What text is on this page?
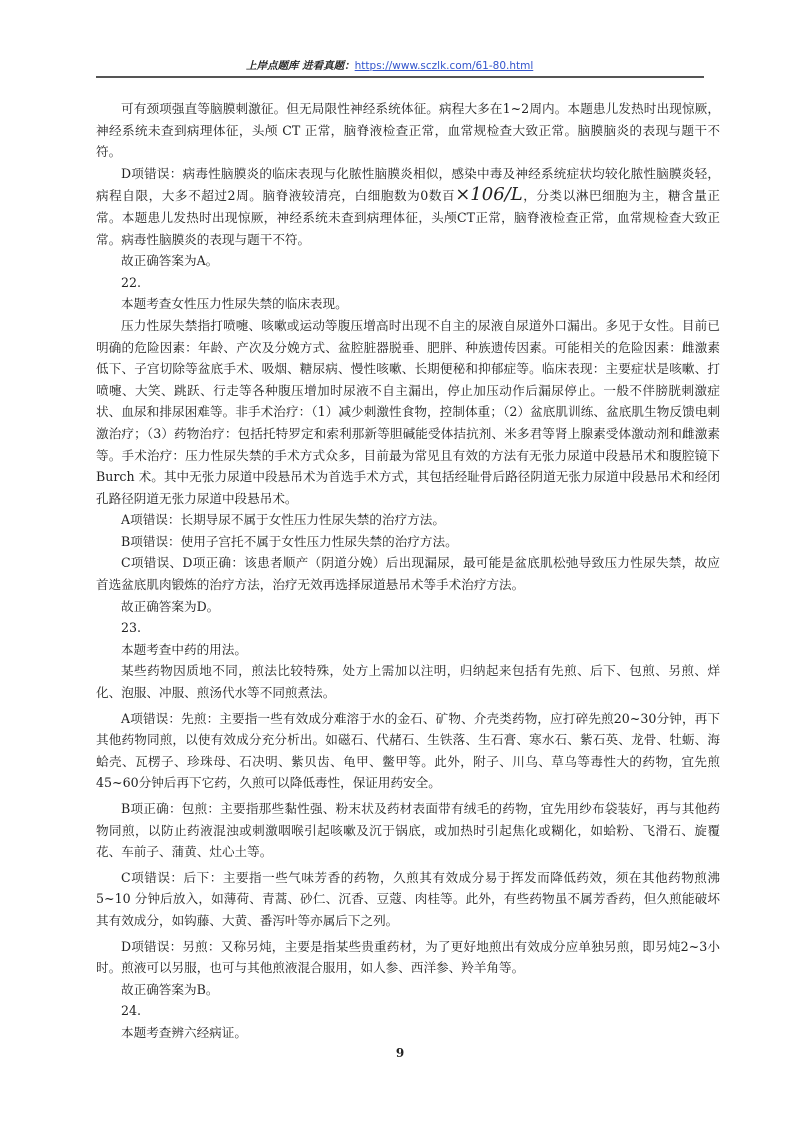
上岸点题库 进看真题：https://www.sczlk.com/61-80.html

可有颈项强直等脑膜刺激征。但无局限性神经系统体征。病程大多在1~2周内。本题患儿发热时出现惊厥，神经系统未查到病理体征，头颅 CT 正常，脑脊液检查正常，血常规检查大致正常。脑膜脑炎的表现与题干不符。

D项错误：病毒性脑膜炎的临床表现与化脓性脑膜炎相似，感染中毒及神经系统症状均较化脓性脑膜炎轻，病程自限，大多不超过2周。脑脊液较清亮，白细胞数为0数百×106/L，分类以淋巴细胞为主，糖含量正常。本题患儿发热时出现惊厥，神经系统未查到病理体征，头颅CT正常，脑脊液检查正常，血常规检查大致正常。病毒性脑膜炎的表现与题干不符。

故正确答案为A。

22.

本题考查女性压力性尿失禁的临床表现。

压力性尿失禁指打喷嚏、咳嗽或运动等腹压增高时出现不自主的尿液自尿道外口漏出。多见于女性。目前已明确的危险因素：年龄、产次及分娩方式、盆腔脏器脱垂、肥胖、种族遗传因素。可能相关的危险因素：雌激素低下、子宫切除等盆底手术、吸烟、糖尿病、慢性咳嗽、长期便秘和抑郁症等。临床表现：主要症状是咳嗽、打喷嚏、大笑、跳跃、行走等各种腹压增加时尿液不自主漏出，停止加压动作后漏尿停止。一般不伴膀胱刺激症状、血尿和排尿困难等。非手术治疗：（1）减少刺激性食物，控制体重；（2）盆底肌训练、盆底肌生物反馈电刺激治疗；（3）药物治疗：包括托特罗定和索利那新等胆碱能受体拮抗剂、米多君等肾上腺素受体激动剂和雌激素等。手术治疗：压力性尿失禁的手术方式众多，目前最为常见且有效的方法有无张力尿道中段悬吊术和腹腔镜下 Burch 术。其中无张力尿道中段悬吊术为首选手术方式，其包括经耻骨后路径阴道无张力尿道中段悬吊术和经闭孔路径阴道无张力尿道中段悬吊术。

A项错误：长期导尿不属于女性压力性尿失禁的治疗方法。

B项错误：使用子宫托不属于女性压力性尿失禁的治疗方法。

C项错误、D项正确：该患者顺产（阴道分娩）后出现漏尿，最可能是盆底肌松弛导致压力性尿失禁，故应首选盆底肌肉锻炼的治疗方法，治疗无效再选择尿道悬吊术等手术治疗方法。

故正确答案为D。

23.

本题考查中药的用法。

某些药物因质地不同，煎法比较特殊，处方上需加以注明，归纳起来包括有先煎、后下、包煎、另煎、烊化、泡服、冲服、煎汤代水等不同煎煮法。

A项错误：先煎：主要指一些有效成分难溶于水的金石、矿物、介壳类药物，应打碎先煎20~30分钟，再下其他药物同煎，以使有效成分充分析出。如磁石、代赭石、生铁落、生石膏、寒水石、紫石英、龙骨、牡蛎、海蛤壳、瓦楞子、珍珠母、石决明、紫贝齿、龟甲、鳖甲等。此外，附子、川乌、草乌等毒性大的药物，宜先煎45~60分钟后再下它药，久煎可以降低毒性，保证用药安全。

B项正确：包煎：主要指那些黏性强、粉末状及药材表面带有绒毛的药物，宜先用纱布袋装好，再与其他药物同煎，以防止药液混浊或刺激咽喉引起咳嗽及沉于锅底，或加热时引起焦化或糊化，如蛤粉、飞滑石、旋覆花、车前子、蒲黄、灶心土等。

C项错误：后下：主要指一些气味芳香的药物，久煎其有效成分易于挥发而降低药效，须在其他药物煎沸 5~10 分钟后放入，如薄荷、青蒿、砂仁、沉香、豆蔻、肉桂等。此外，有些药物虽不属芳香药，但久煎能破坏其有效成分，如钩藤、大黄、番泻叶等亦属后下之列。

D项错误：另煎：又称另炖，主要是指某些贵重药材，为了更好地煎出有效成分应单独另煎，即另炖2~3小时。煎液可以另服，也可与其他煎液混合服用，如人参、西洋参、羚羊角等。

故正确答案为B。

24.

本题考查辨六经病证。

9
